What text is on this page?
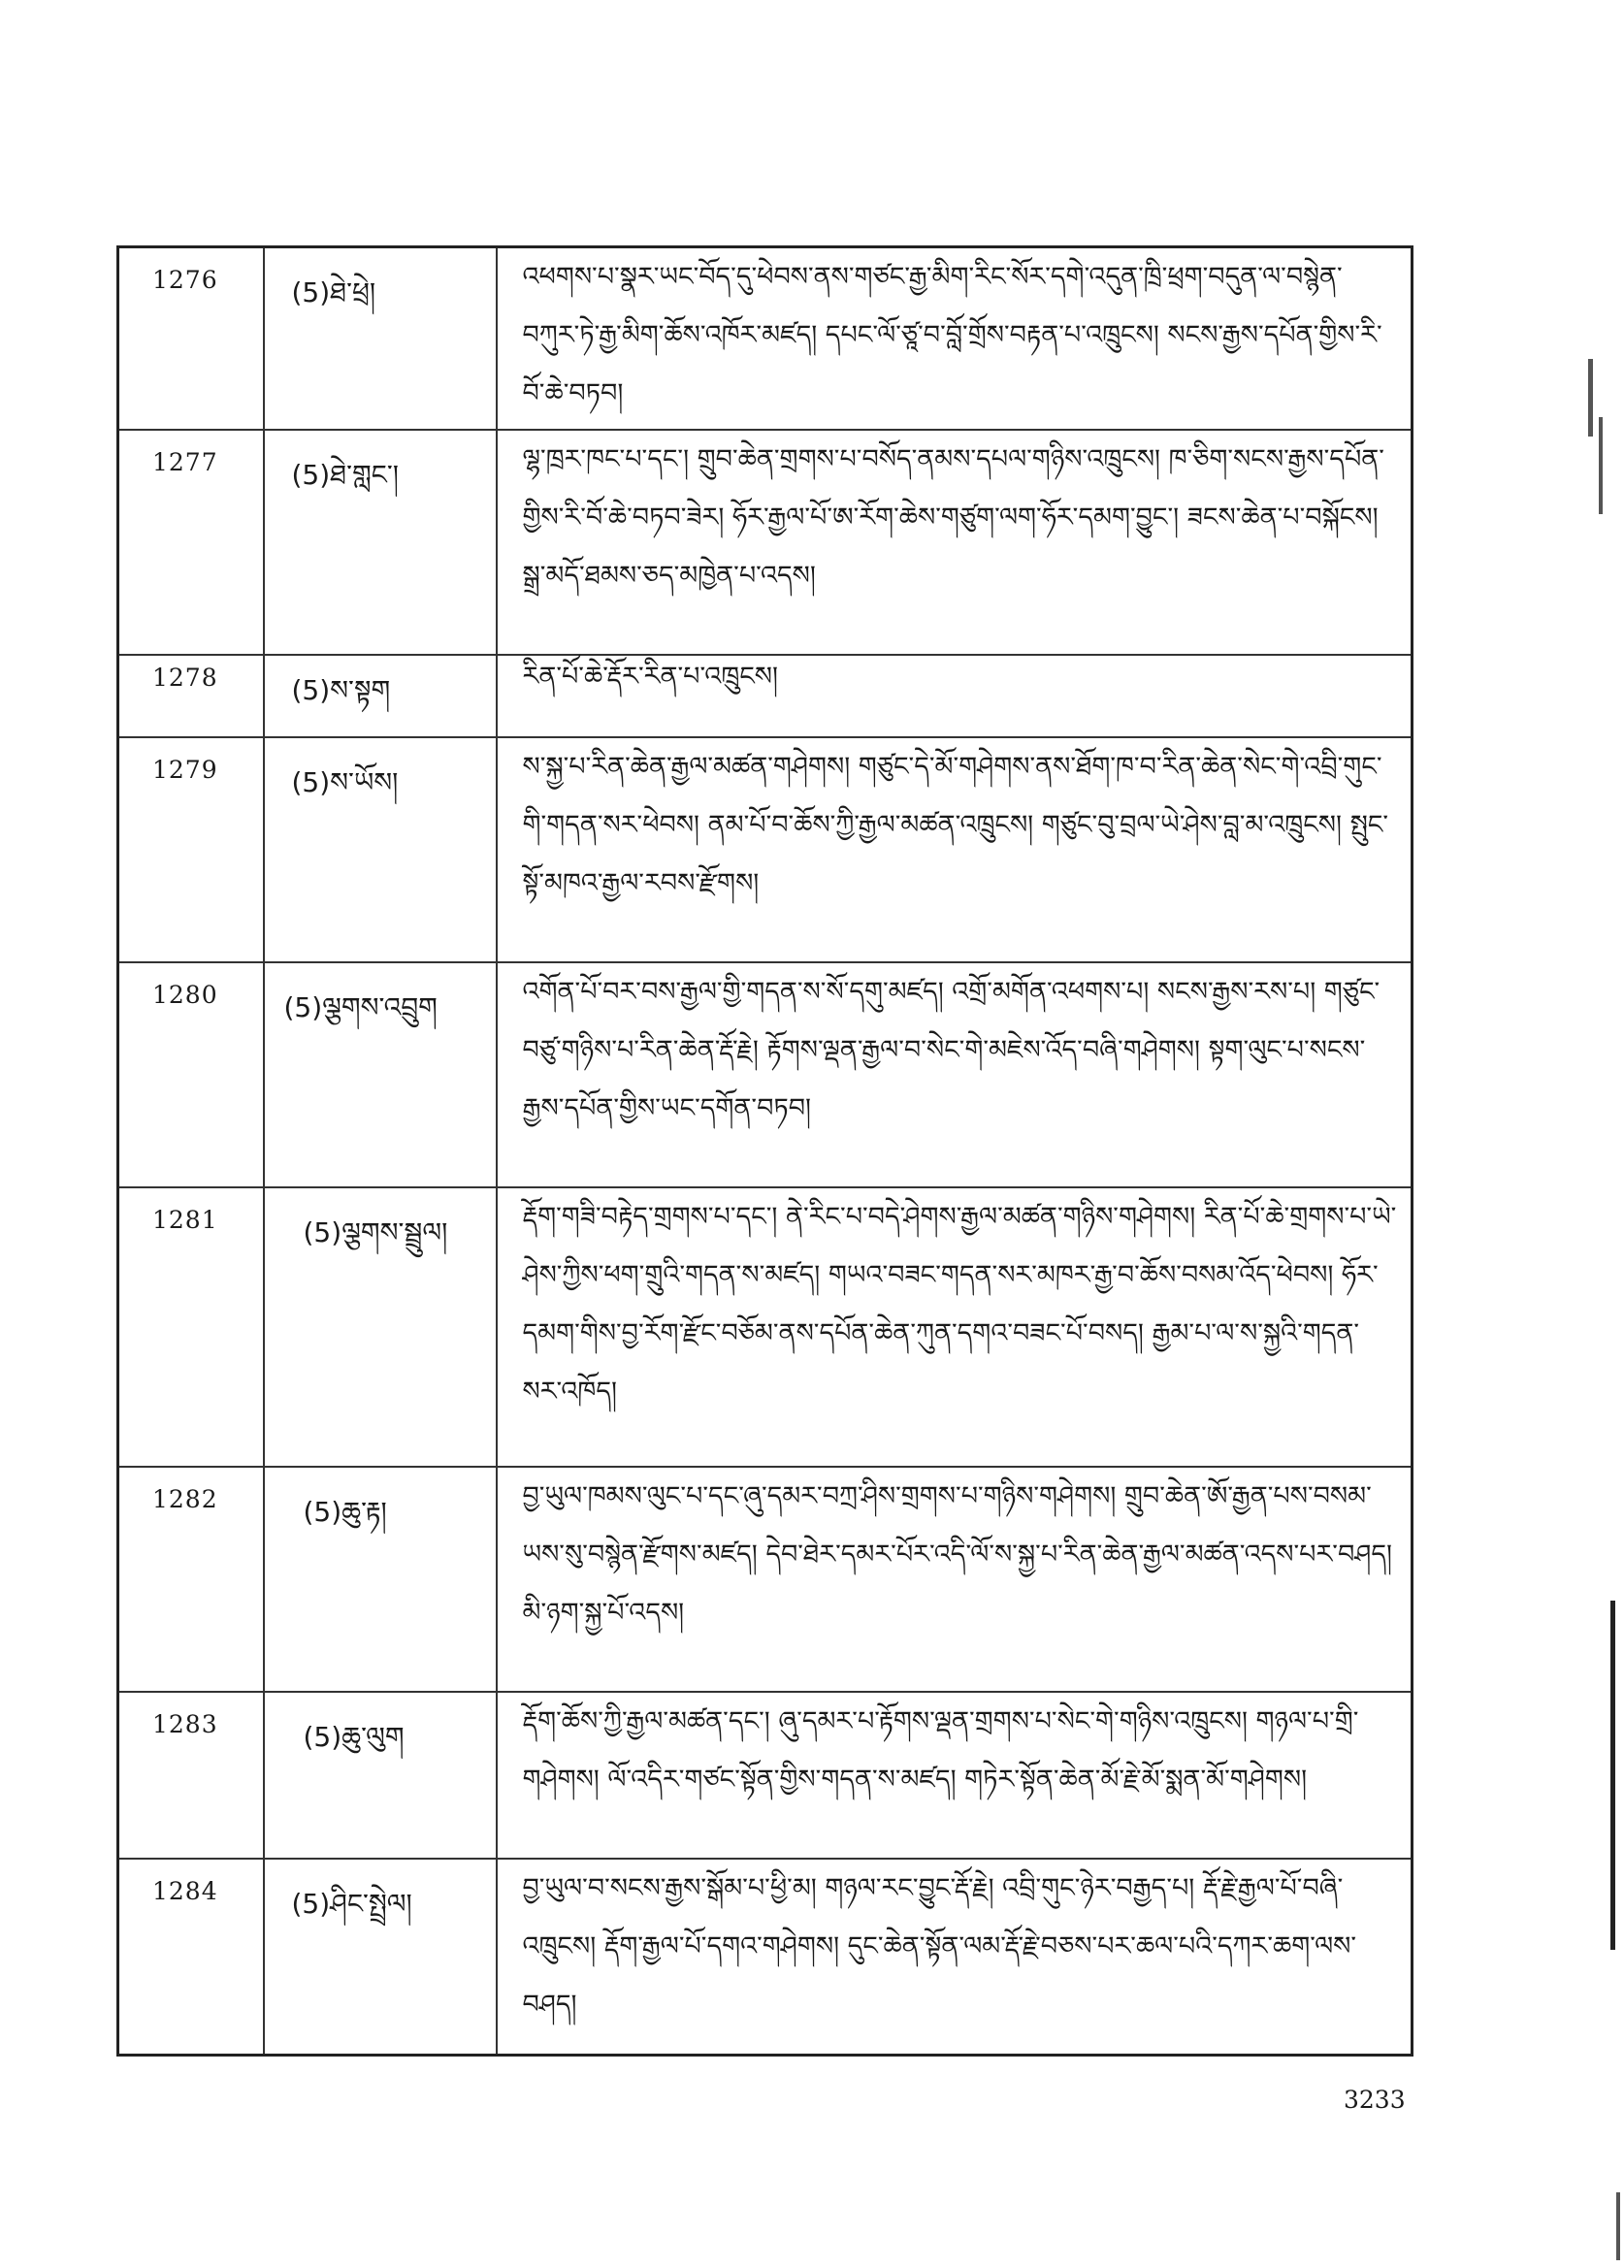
1276	(5)ཐེ་ཕྲེ།	འཕགས་པ་སྣར་ཡང་བོད་དུ་ཕེབས་ནས་གཙང་རྒྱ་མིག་རིང་སོར་དགེ་འདུན་ཁྲི་ཕྲག་བདུན་ལ་བསྙེན་བཀུར་ཏེ་རྒྱ་མིག་ཆོས་འཁོར་མཛད། དཔང་ལོ་ཙཱ་བ་བློ་གྲོས་བརྟན་པ་འཁྲུངས། སངས་རྒྱས་དཔོན་གྱིས་རི་བོ་ཆེ་བཏབ།

1277	(5)ཐེ་གླང་།	ལྷ་ཁྲར་ཁང་པ་དང་། གྲུབ་ཆེན་གྲགས་པ་བསོད་ནམས་དཔལ་གཉིས་འཁྲུངས། ཁ་ཅིག་སངས་རྒྱས་དཔོན་གྱིས་རི་བོ་ཆེ་བཏབ་ཟེར། ཧོར་རྒྱལ་པོ་ཨ་རོག་ཆེས་གཙུག་ལག་ཧོར་དམག་བྱུང་། ཟངས་ཆེན་པ་བསྐོངས། སྒྲ་མདོ་ཐམས་ཅད་མཁྱེན་པ་འདས།

1278	(5)ས་སྟག	རིན་པོ་ཆེ་རྡོར་རིན་པ་འཁྲུངས།

1279	(5)ས་ཡོས།	ས་སྐྱ་པ་རིན་ཆེན་རྒྱལ་མཚན་གཤེགས། གཙུང་དེ་མོ་གཤེགས་ནས་ཐོག་ཁ་བ་རིན་ཆེན་སེང་གེ་འབྲི་གུང་གི་གདན་སར་ཕེབས། ནམ་པོ་བ་ཆོས་ཀྱི་རྒྱལ་མཚན་འཁྲུངས། གཙུང་བུ་བྲལ་ཡེ་ཤེས་བླ་མ་འཁྲུངས། སྤུང་སྟོ་མཁའ་རྒྱལ་རབས་རྫོགས།

1280	(5)ལྕགས་འབྲུག	འགོན་པོ་བར་བས་རྒྱལ་གྱི་གདན་ས་སོ་དགུ་མཛད། འགྲོ་མགོན་འཕགས་པ། སངས་རྒྱས་རས་པ། གཙུང་བཙུ་གཉིས་པ་རིན་ཆེན་རྡོ་རྗེ། རྟོགས་ལྡན་རྒྱལ་བ་སེང་གེ་མཇེས་འོད་བཞི་གཤེགས། སྟག་ལུང་པ་སངས་རྒྱས་དཔོན་གྱིས་ཡང་དགོན་བཏབ།

1281	(5)ལྕགས་སྦྲུལ།	རྡོག་གཟི་བརྟེད་གྲགས་པ་དང་། ནེ་རིང་པ་བདེ་ཤེགས་རྒྱལ་མཚན་གཉིས་གཤེགས། རིན་པོ་ཆེ་གྲགས་པ་ཡེ་ཤེས་ཀྱིས་ཕག་གྲུའི་གདན་ས་མཛད། གཡའ་བཟང་གདན་སར་མཁར་རྒྱ་བ་ཆོས་བསམ་འོད་ཕེབས། ཧོར་དམག་གིས་བྱ་རོག་རྫོང་བཅོམ་ནས་དཔོན་ཆེན་ཀུན་དགའ་བཟང་པོ་བསད། རྒྱམ་པ་ལ་ས་སྐྱའི་གདན་སར་འཁོད།

1282	(5)ཆུ་རྟ།	བྱ་ཡུལ་ཁམས་ལུང་པ་དང་ཞུ་དམར་བཀྲ་ཤིས་གྲགས་པ་གཉིས་གཤེགས། གྲུབ་ཆེན་ཨོ་རྒྱན་པས་བསམ་ཡས་སུ་བསྙེན་རྫོགས་མཛད། དེབ་ཐེར་དམར་པོར་འདི་ལོ་ས་སྐྱ་པ་རིན་ཆེན་རྒྱལ་མཚན་འདས་པར་བཤད། མི་ཉག་སྐྱ་པོ་འདས།

1283	(5)ཆུ་ལུག	རྡོག་ཆོས་ཀྱི་རྒྱལ་མཚན་དང་། ཞུ་དམར་པ་རྟོགས་ལྡན་གྲགས་པ་སེང་གེ་གཉིས་འཁྲུངས། གཉལ་པ་གྲི་གཤེགས། ལོ་འདིར་གཙང་སྟོན་གྱིས་གདན་ས་མཛད། གཏེར་སྟོན་ཆེན་མོ་རྗེ་མོ་སྨན་མོ་གཤེགས།

1284	(5)ཤིང་སྤྲེལ།	བྱ་ཡུལ་བ་སངས་རྒྱས་སྒོམ་པ་ཕྱི་མ། གཉལ་རང་བྱུང་རྡོ་རྗེ། འབྲི་གུང་ཉེར་བརྒྱད་པ། རྡོ་རྗེ་རྒྱལ་པོ་བཞི་འཁྲུངས། རྡོག་རྒྱལ་པོ་དགའ་གཤེགས། དུང་ཆེན་སྟོན་ལམ་རྡོ་རྗེ་བཅས་པར་ཆལ་པའི་དཀར་ཆག་ལས་བཤད།
3233
